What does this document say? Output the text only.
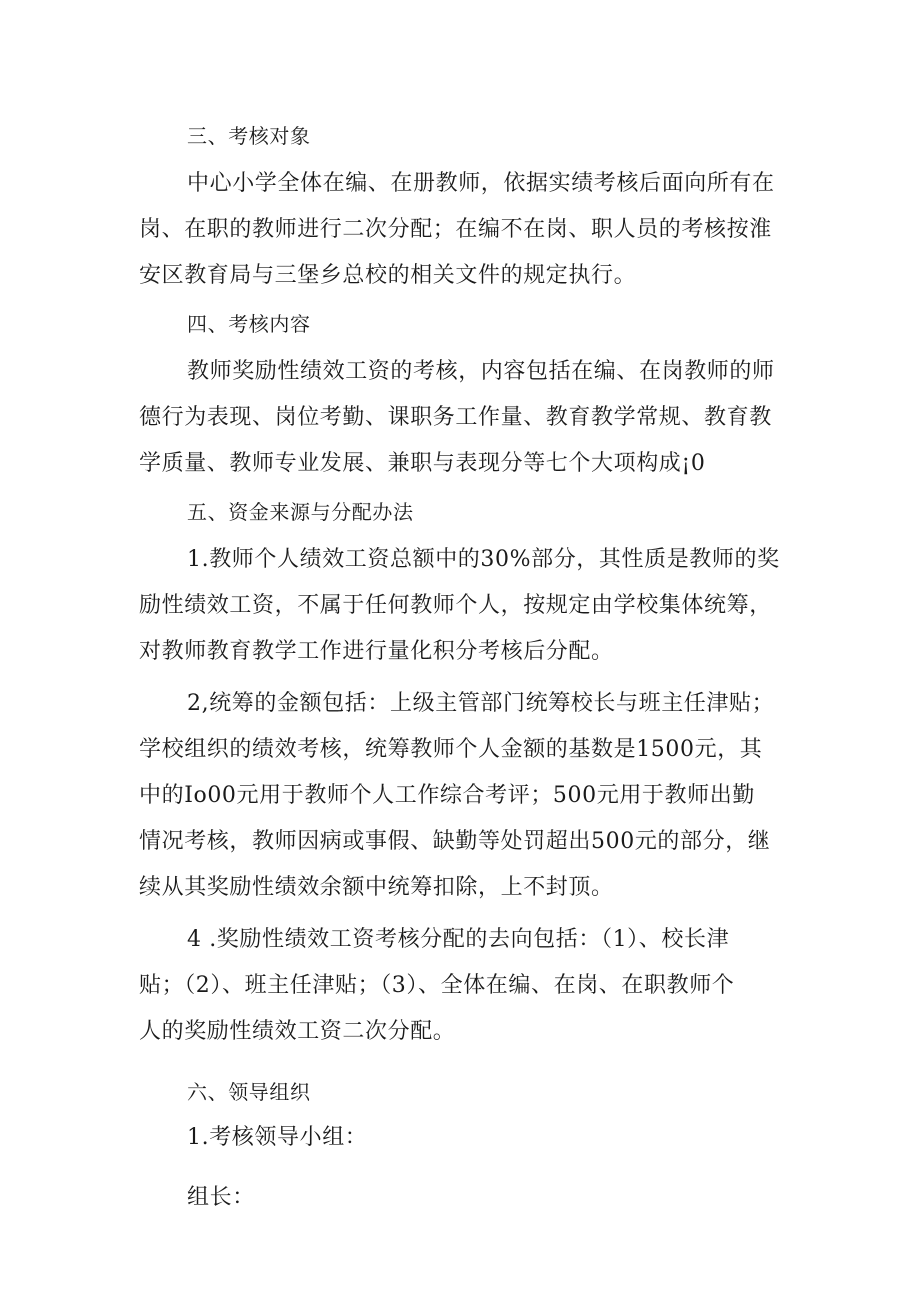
三、考核对象
中心小学全体在编、在册教师，依据实绩考核后面向所有在
岗、在职的教师进行二次分配；在编不在岗、职人员的考核按淮
安区教育局与三堡乡总校的相关文件的规定执行。
四、考核内容
教师奖励性绩效工资的考核，内容包括在编、在岗教师的师
德行为表现、岗位考勤、课职务工作量、教育教学常规、教育教
学质量、教师专业发展、兼职与表现分等七个大项构成¡0
五、资金来源与分配办法
1.教师个人绩效工资总额中的30%部分，其性质是教师的奖
励性绩效工资，不属于任何教师个人，按规定由学校集体统筹，
对教师教育教学工作进行量化积分考核后分配。
2,统筹的金额包括：上级主管部门统筹校长与班主任津贴；
学校组织的绩效考核，统筹教师个人金额的基数是1500元，其
中的Io00元用于教师个人工作综合考评；500元用于教师出勤
情况考核，教师因病或事假、缺勤等处罚超出500元的部分，继
续从其奖励性绩效余额中统筹扣除，上不封顶。
4 .奖励性绩效工资考核分配的去向包括：（1）、校长津
贴；（2）、班主任津贴；（3）、全体在编、在岗、在职教师个
人的奖励性绩效工资二次分配。
六、领导组织
1.考核领导小组：
组长：
